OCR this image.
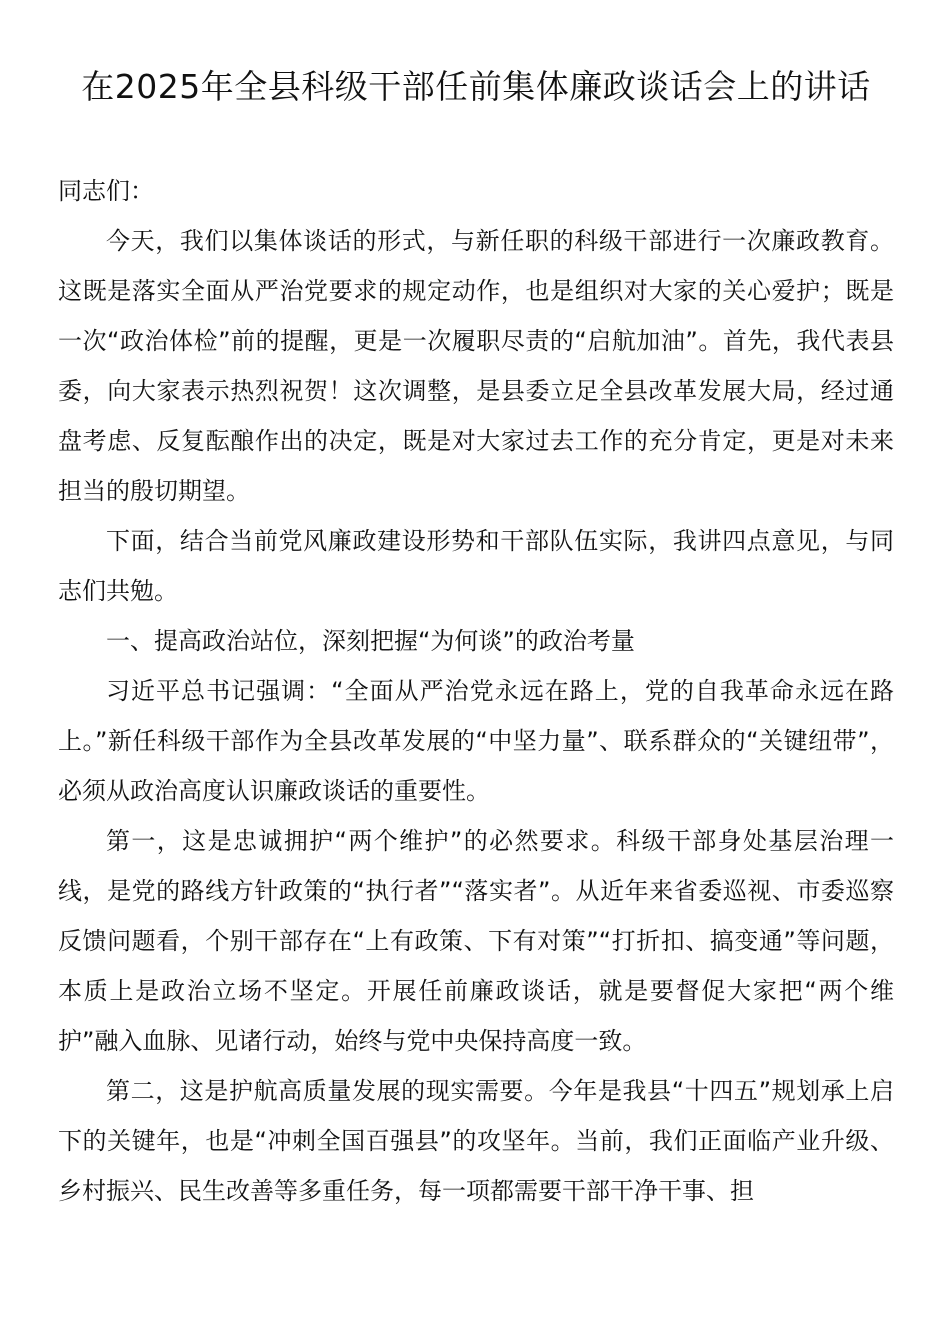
在2025年全县科级干部任前集体廉政谈话会上的讲话

同志们：

今天，我们以集体谈话的形式，与新任职的科级干部进行一次廉政教育。这既是落实全面从严治党要求的规定动作，也是组织对大家的关心爱护；既是一次“政治体检”前的提醒，更是一次履职尽责的“启航加油”。首先，我代表县委，向大家表示热烈祝贺！这次调整，是县委立足全县改革发展大局，经过通盘考虑、反复酝酿作出的决定，既是对大家过去工作的充分肯定，更是对未来担当的殷切期望。

下面，结合当前党风廉政建设形势和干部队伍实际，我讲四点意见，与同志们共勉。

一、提高政治站位，深刻把握“为何谈”的政治考量

习近平总书记强调：“全面从严治党永远在路上，党的自我革命永远在路上。”新任科级干部作为全县改革发展的“中坚力量”、联系群众的“关键纽带”，必须从政治高度认识廉政谈话的重要性。

第一，这是忠诚拥护“两个维护”的必然要求。科级干部身处基层治理一线，是党的路线方针政策的“执行者”“落实者”。从近年来省委巡视、市委巡察反馈问题看，个别干部存在“上有政策、下有对策”“打折扣、搞变通”等问题，本质上是政治立场不坚定。开展任前廉政谈话，就是要督促大家把“两个维护”融入血脉、见诸行动，始终与党中央保持高度一致。

第二，这是护航高质量发展的现实需要。今年是我县“十四五”规划承上启下的关键年，也是“冲刺全国百强县”的攻坚年。当前，我们正面临产业升级、乡村振兴、民生改善等多重任务，每一项都需要干部干净干事、担
